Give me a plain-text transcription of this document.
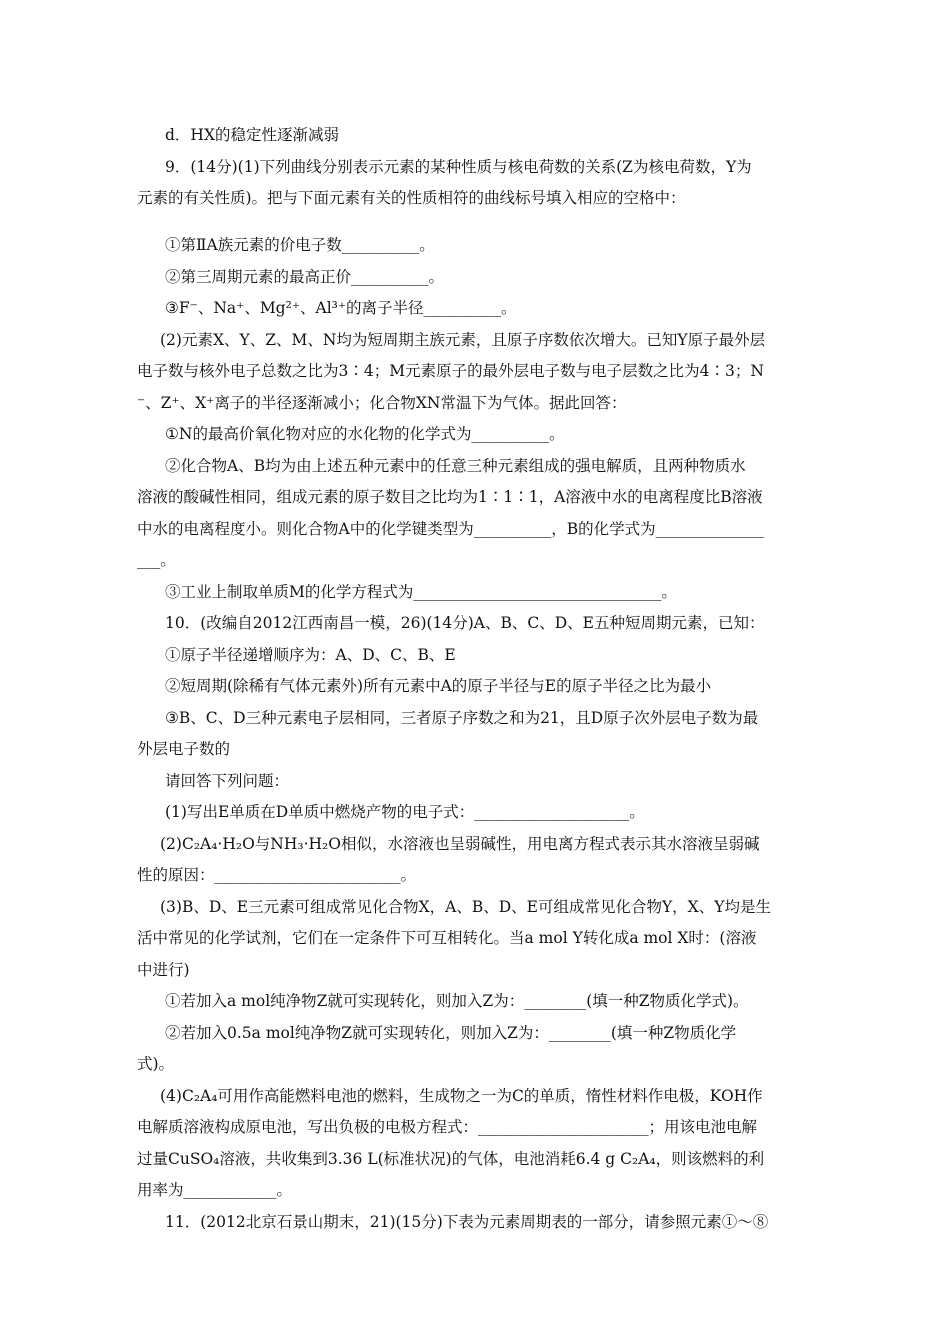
d．HX的稳定性逐渐减弱
9．(14分)(1)下列曲线分别表示元素的某种性质与核电荷数的关系(Z为核电荷数，Y为
元素的有关性质)。把与下面元素有关的性质相符的曲线标号填入相应的空格中：
①第ⅡA族元素的价电子数__________。
②第三周期元素的最高正价__________。
③F⁻、Na⁺、Mg²⁺、Al³⁺的离子半径__________。
(2)元素X、Y、Z、M、N均为短周期主族元素，且原子序数依次增大。已知Y原子最外层
电子数与核外电子总数之比为3∶4；M元素原子的最外层电子数与电子层数之比为4∶3；N
⁻、Z⁺、X⁺离子的半径逐渐减小；化合物XN常温下为气体。据此回答：
①N的最高价氧化物对应的水化物的化学式为__________。
②化合物A、B均为由上述五种元素中的任意三种元素组成的强电解质，且两种物质水
溶液的酸碱性相同，组成元素的原子数目之比均为1∶1∶1，A溶液中水的电离程度比B溶液
中水的电离程度小。则化合物A中的化学键类型为__________，B的化学式为______________
___。
③工业上制取单质M的化学方程式为________________________________。
10．(改编自2012江西南昌一模，26)(14分)A、B、C、D、E五种短周期元素，已知：
①原子半径递增顺序为：A、D、C、B、E
②短周期(除稀有气体元素外)所有元素中A的原子半径与E的原子半径之比为最小
③B、C、D三种元素电子层相同，三者原子序数之和为21，且D原子次外层电子数为最
外层电子数的
请回答下列问题：
(1)写出E单质在D单质中燃烧产物的电子式：____________________。
(2)C₂A₄·H₂O与NH₃·H₂O相似，水溶液也呈弱碱性，用电离方程式表示其水溶液呈弱碱
性的原因：________________________。
(3)B、D、E三元素可组成常见化合物X，A、B、D、E可组成常见化合物Y，X、Y均是生
活中常见的化学试剂，它们在一定条件下可互相转化。当a mol Y转化成a mol X时：(溶液
中进行)
①若加入a mol纯净物Z就可实现转化，则加入Z为：________(填一种Z物质化学式)。
②若加入0.5a mol纯净物Z就可实现转化，则加入Z为：________(填一种Z物质化学
式)。
(4)C₂A₄可用作高能燃料电池的燃料，生成物之一为C的单质，惰性材料作电极，KOH作
电解质溶液构成原电池，写出负极的电极方程式：______________________；用该电池电解
过量CuSO₄溶液，共收集到3.36 L(标准状况)的气体，电池消耗6.4 g C₂A₄，则该燃料的利
用率为____________。
11．(2012北京石景山期末，21)(15分)下表为元素周期表的一部分，请参照元素①～⑧
